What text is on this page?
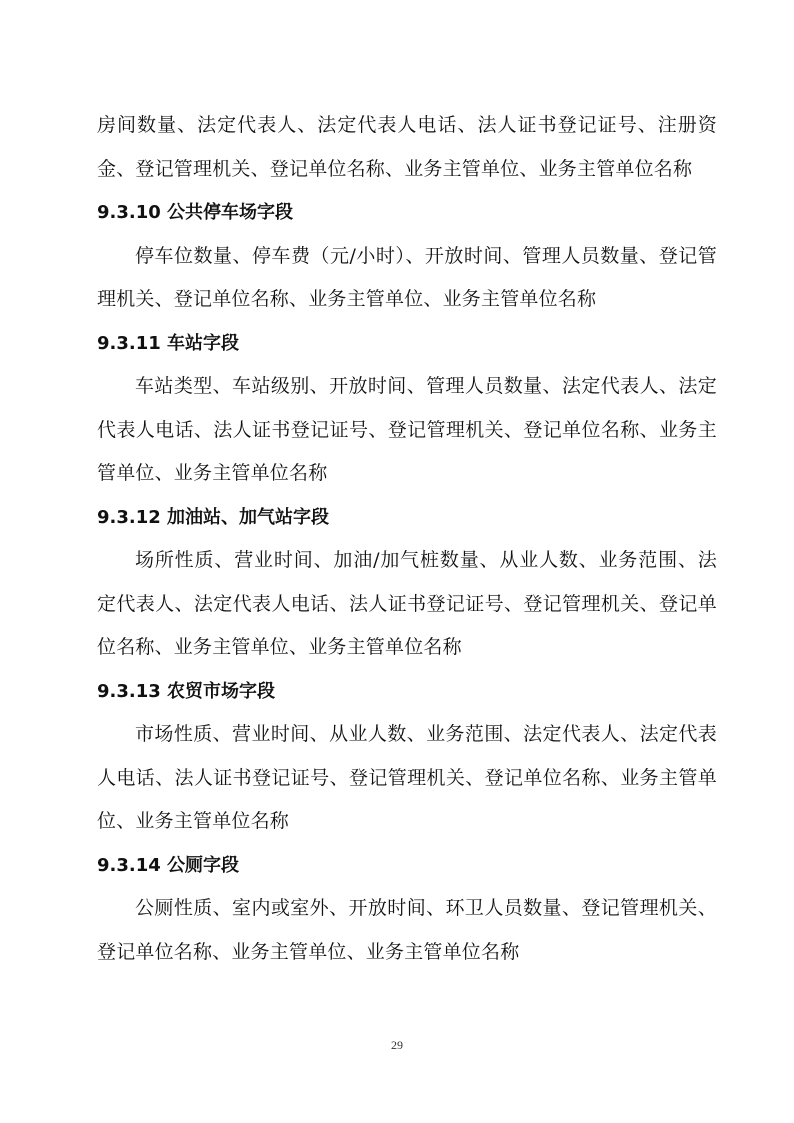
房间数量、法定代表人、法定代表人电话、法人证书登记证号、注册资金、登记管理机关、登记单位名称、业务主管单位、业务主管单位名称

9.3.10 公共停车场字段

停车位数量、停车费（元/小时）、开放时间、管理人员数量、登记管理机关、登记单位名称、业务主管单位、业务主管单位名称

9.3.11 车站字段

车站类型、车站级别、开放时间、管理人员数量、法定代表人、法定代表人电话、法人证书登记证号、登记管理机关、登记单位名称、业务主管单位、业务主管单位名称

9.3.12 加油站、加气站字段

场所性质、营业时间、加油/加气桩数量、从业人数、业务范围、法定代表人、法定代表人电话、法人证书登记证号、登记管理机关、登记单位名称、业务主管单位、业务主管单位名称

9.3.13 农贸市场字段

市场性质、营业时间、从业人数、业务范围、法定代表人、法定代表人电话、法人证书登记证号、登记管理机关、登记单位名称、业务主管单位、业务主管单位名称

9.3.14 公厕字段

公厕性质、室内或室外、开放时间、环卫人员数量、登记管理机关、登记单位名称、业务主管单位、业务主管单位名称

29
